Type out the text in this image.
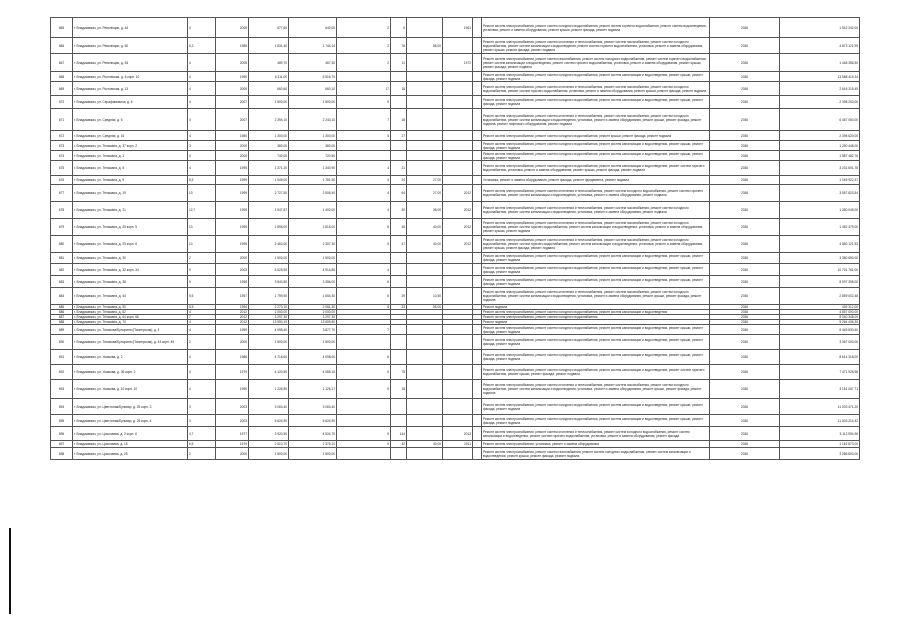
665	г. Владикавказ, ул. Революции, д. 44	4	2005	677,60	640,00	2	6		1961		Ремонт систем электроснабжения, ремонт систем холодного водоснабжения, ремонт систем горячего водоснабжения, ремонт систем водоотведения, установка, ремонт и замена оборудования, ремонт крыши, ремонт фасада, ремонт подвала	2036	1 542 242,00
666	г. Владикавказ, ул. Революции, д. 50	5,2	1985	1 831,40	1 744,14	2	78	88,00			Ремонт систем электроснабжения, ремонт систем отопления и теплоснабжения, ремонт систем газоснабжения, ремонт систем холодного водоснабжения, ремонт систем канализации и водоотведения, ремонт систем горячего водоснабжения, установка, ремонт и замена оборудования, ремонт крыши, ремонт фасада, ремонт подвала	2036	4 873 121,99
667	г. Владикавказ, ул. Революции, д. 54	4	2005	489,70	467,30	2	11		1972		Ремонт систем электроснабжения, ремонт систем газоснабжения, ремонт систем холодного водоснабжения, ремонт систем горячего водоснабжения, ремонт систем канализации и водоотведения, ремонт систем горячего водоснабжения, установка, ремонт и замена оборудования, ремонт крыши, ремонт фасада, ремонт подвала	2036	1 448 356,50
668	г. Владикавказ, ул. Ростовская, д. 8 корп. 10	4	1990	6 211,00	5 516,70						Ремонт систем электроснабжения, ремонт систем холодного водоснабжения, ремонт систем канализации и водоотведения, ремонт крыши, ремонт фасада, ремонт подвала	2036	13 568 419,34
669	г. Владикавказ, ул. Ростовская, д. 13	4	2005	660,60	660,10	17	18				Ремонт систем электроснабжения, ремонт систем отопления и теплоснабжения, ремонт систем газоснабжения, ремонт систем холодного водоснабжения, ремонт систем горячего водоснабжения, установка, ремонт и замена оборудования, ремонт крыши, ремонт фасада, ремонт подвала	2036	2 616 215,40
670	г. Владикавказ, ул. Серафимовича, д. 6	4	2007	1 500,00	1 500,00	5					Ремонт систем электроснабжения, ремонт систем холодного водоснабжения, ремонт систем канализации и водоотведения, ремонт крыши, ремонт фасада, ремонт подвала	2036	2 398 200,00
671	г. Владикавказ, ул. Средняя, д. 6	4	2007	2 394,10	2 240,10	7	18				Ремонт систем электроснабжения, ремонт систем отопления и теплоснабжения, ремонт систем газоснабжения, ремонт систем холодного водоснабжения, ремонт систем канализации и водоотведения, установка, ремонт и замена оборудования, ремонт крыши, ремонт фасада, ремонт подвала, ремонт лифтового оборудования, ремонт подвала	2036	6 457 050,00
672	г. Владикавказ, ул. Средняя, д. 16	4	1980	1 300,00	1 300,00	5	27				Ремонт систем электроснабжения, ремонт систем холодного водоснабжения, ремонт крыши, ремонт фасада, ремонт подвала	2036	2 398 620,00
673	г. Владикавказ, ул. Тельмана, д. 37 корп. 2	3	2000	380,00	380,00						Ремонт систем электроснабжения, ремонт систем холодного водоснабжения, ремонт систем канализации и водоотведения, ремонт крыши, ремонт фасада, ремонт подвала	2036	1 250 448,00
674	г. Владикавказ, ул. Тельмана, д. 1	4	2000	740,00	720,50						Ремонт систем электроснабжения, ремонт систем холодного водоснабжения, ремонт систем канализации и водоотведения, ремонт крыши, ремонт фасада, ремонт подвала	2036	1 587 482,76
675	г. Владикавказ, ул. Тельмана, д. 5	4	1995	1 371,20	1 340,90	4	21				Ремонт систем электроснабжения, ремонт систем холодного водоснабжения, ремонт систем канализации и водоотведения, ремонт систем горячего водоснабжения, установка, ремонт и замена оборудования, ремонт крыши, ремонт фасада, ремонт подвала	2036	3 231 601,76
676	г. Владикавказ, ул. Тельмана, д. 9	5,5	1999	1 949,00	1 781,90	4	24	27,00			Установка, ремонт и замена оборудования, ремонт фасада, ремонт фундамента, ремонт подвала	2036	1 049 922,37
677	г. Владикавказ, ул. Тельмана, д. 19	13	1999	2 727,50	2 506,40	4	64	27,00	2012		Ремонт систем электроснабжения, ремонт систем отопления и теплоснабжения, ремонт систем холодного водоснабжения, ремонт систем горячего водоснабжения, ремонт систем канализации и водоотведения, установка, ремонт и замена оборудования, ремонт подвала	2036	3 557 823,54
678	г. Владикавказ, ул. Тельмана, д. 21	12,7	1995	1 547,87	1 402,00	4	30	38,00	2012		Ремонт систем электроснабжения, ремонт систем отопления и теплоснабжения, ремонт систем газоснабжения, ремонт систем холодного водоснабжения, ремонт систем канализации и водоотведения, установка, ремонт и замена оборудования, ремонт подвала	2036	1 350 049,00
679	г. Владикавказ, ул. Тельмана, д. 25 корп. 5	13	1995	1 895,00	1 815,00	5	45	40,00	2012		Ремонт систем электроснабжения, ремонт систем отопления и теплоснабжения, ремонт систем газоснабжения, ремонт систем холодного водоснабжения, ремонт систем горячего водоснабжения, ремонт систем канализации и водоотведения, установка, ремонт и замена оборудования, ремонт крыши, ремонт подвала	2036	1 452 379,00
680	г. Владикавказ, ул. Тельмана, д. 25 корп. 6	13	1995	2 463,00	2 307,30	5	47	40,00	2012		Ремонт систем электроснабжения, ремонт систем отопления и теплоснабжения, ремонт систем газоснабжения, ремонт систем холодного водоснабжения, ремонт систем горячего водоснабжения, ремонт систем канализации и водоотведения, установка, ремонт и замена оборудования, ремонт крыши, ремонт фасада, ремонт подвала	2036	4 850 121,53
681	г. Владикавказ, ул. Тельмана, д. 30	2	2000	1 500,00	1 500,00						Ремонт систем электроснабжения, ремонт систем холодного водоснабжения, ремонт систем канализации и водоотведения, ремонт крыши, ремонт фасада, ремонт подвала	2036	3 380 650,00
682	г. Владикавказ, ул. Тельмана, д. 32 корп. 34	9	2003	5 525,90	4 914,80	4					Ремонт систем электроснабжения, ремонт систем холодного водоснабжения, ремонт систем канализации и водоотведения, ремонт крыши, ремонт фасада, ремонт подвала	2036	10 701 761,00
683	г. Владикавказ, ул. Тельмана, д. 38	9	1998	3 840,80	3 356,00	6					Ремонт систем электроснабжения, ремонт систем холодного водоснабжения, ремонт систем канализации и водоотведения, ремонт крыши, ремонт фасада, ремонт подвала	2036	8 097 398,00
684	г. Владикавказ, ул. Тельмана, д. 44	5,5	1957	1 799,50	1 654,30	6	29	10,50			Ремонт систем электроснабжения, ремонт систем отопления и теплоснабжения, ремонт систем газоснабжения, ремонт систем холодного водоснабжения, ремонт систем канализации и водоотведения, установка, ремонт и замена оборудования, ремонт крыши, ремонт фасада, ремонт подвала	2036	2 859 002,48
685	г. Владикавказ, ул. Тельмана, д. 50	5,5	1994	2 273,10	2 081,30	5	33	55,00			Ремонт подвала	2036	409 312,00
686	г. Владикавказ, ул. Тельмана, д. 62	4	2012	2 000,00	2 000,00						Ремонт систем электроснабжения, ремонт систем холодного водоснабжения, ремонт систем канализации и водоотведения	2036	4 857 000,00
687	г. Владикавказ, ул. Тельмана, д. 64 корп. 66	7	2012	3 297,30	3 297,30						Ремонт систем электроснабжения, ремонт систем холодного водоснабжения	2036	8 040 348,00
688	г. Владикавказ, ул. Тельмана, д. 70	4	2012	13 950,10	13 609,80						Ремонт подвала	2036	9 264 406,30
689	г. Владикавказ, ул. Тиникова/Бутырина (Пионерская), д. 4	4	1959	4 058,40	3 877,70	7					Ремонт систем электроснабжения, ремонт систем холодного водоснабжения, ремонт систем канализации и водоотведения, ремонт крыши, ремонт фасада, ремонт подвала	2036	6 449 830,60
690	г. Владикавказ, ул. Тиникова/Бутырина (Пионерская), д. 43 корп. 45	2	2000	1 500,00	1 500,00						Ремонт систем электроснабжения, ремонт систем холодного водоснабжения, ремонт систем канализации и водоотведения, ремонт крыши, ремонт фасада, ремонт подвала	2036	3 367 000,00
691	г. Владикавказ, ул. Ушакова, д. 2	4	1986	4 716,60	4 098,60	6					Ремонт систем электроснабжения, ремонт систем холодного водоснабжения, ремонт систем канализации и водоотведения, ремонт крыши, ремонт фасада, ремонт подвала	2036	8 614 318,00
692	г. Владикавказ, ул. Ушакова, д. 36 корп. 2	4	1979	4 120,50	4 085,10	6	75				Ремонт систем электроснабжения, ремонт систем холодного водоснабжения, ремонт систем канализации и водоотведения, ремонт систем горячего водоснабжения, ремонт крыши, ремонт фасада, ремонт подвала	2036	7 471 928,98
693	г. Владикавказ, ул. Ушакова, д. 10 корп. 10	4	1990	1 226,50	1 126,17	5	18				Ремонт систем электроснабжения, ремонт систем отопления и теплоснабжения, ремонт систем газоснабжения, ремонт систем холодного водоснабжения, ремонт систем канализации и водоотведения, установка, ремонт и замена оборудования, ремонт крыши, ремонт фасада, ремонт подвала	2036	3 161 057,71
694	г. Владикавказ, ул. Цветочная/Бульвар, д. 25 корп. 3	3	2003	3 063,40	3 063,40						Ремонт систем электроснабжения, ремонт систем холодного водоснабжения, ремонт систем канализации и водоотведения, ремонт крыши, ремонт фасада, ремонт подвала	2036	11 003 471,20
695	г. Владикавказ, ул. Цветочная/Бульвар, д. 25 корп. 4	3	2003	5 624,50	5 624,50						Ремонт систем электроснабжения, ремонт систем холодного водоснабжения, ремонт систем канализации и водоотведения, ремонт крыши, ремонт фасада, ремонт подвала	2036	11 003 214,42
696	г. Владикавказ, ул. Цоколаева, д. 2 корп. 6	4,7	1977	3 920,50	4 524,70	5	144		2013		Ремонт систем электроснабжения, ремонт систем отопления и теплоснабжения, ремонт систем холодного водоснабжения, ремонт систем канализации и водоотведения, ремонт систем горячего водоснабжения, установка, ремонт и замена оборудования, ремонт фасада	2036	5 112 994,96
697	г. Владикавказ, ул. Цоколаева, д. 15	6,5	1979	2 510,70	2 375,10	5	42	40,00	2011		Ремонт систем электроснабжения, установка, ремонт и замена оборудования	2036	1 162 873,00
698	г. Владикавказ, ул. Цоколаева, д. 25	2	2000	1 500,00	1 500,00						Ремонт систем электроснабжения, ремонт систем газоснабжения, ремонт систем холодного водоснабжения, ремонт систем канализации и водоотведения, ремонт крыши, ремонт фасада, ремонт подвала	2036	3 286 800,00
